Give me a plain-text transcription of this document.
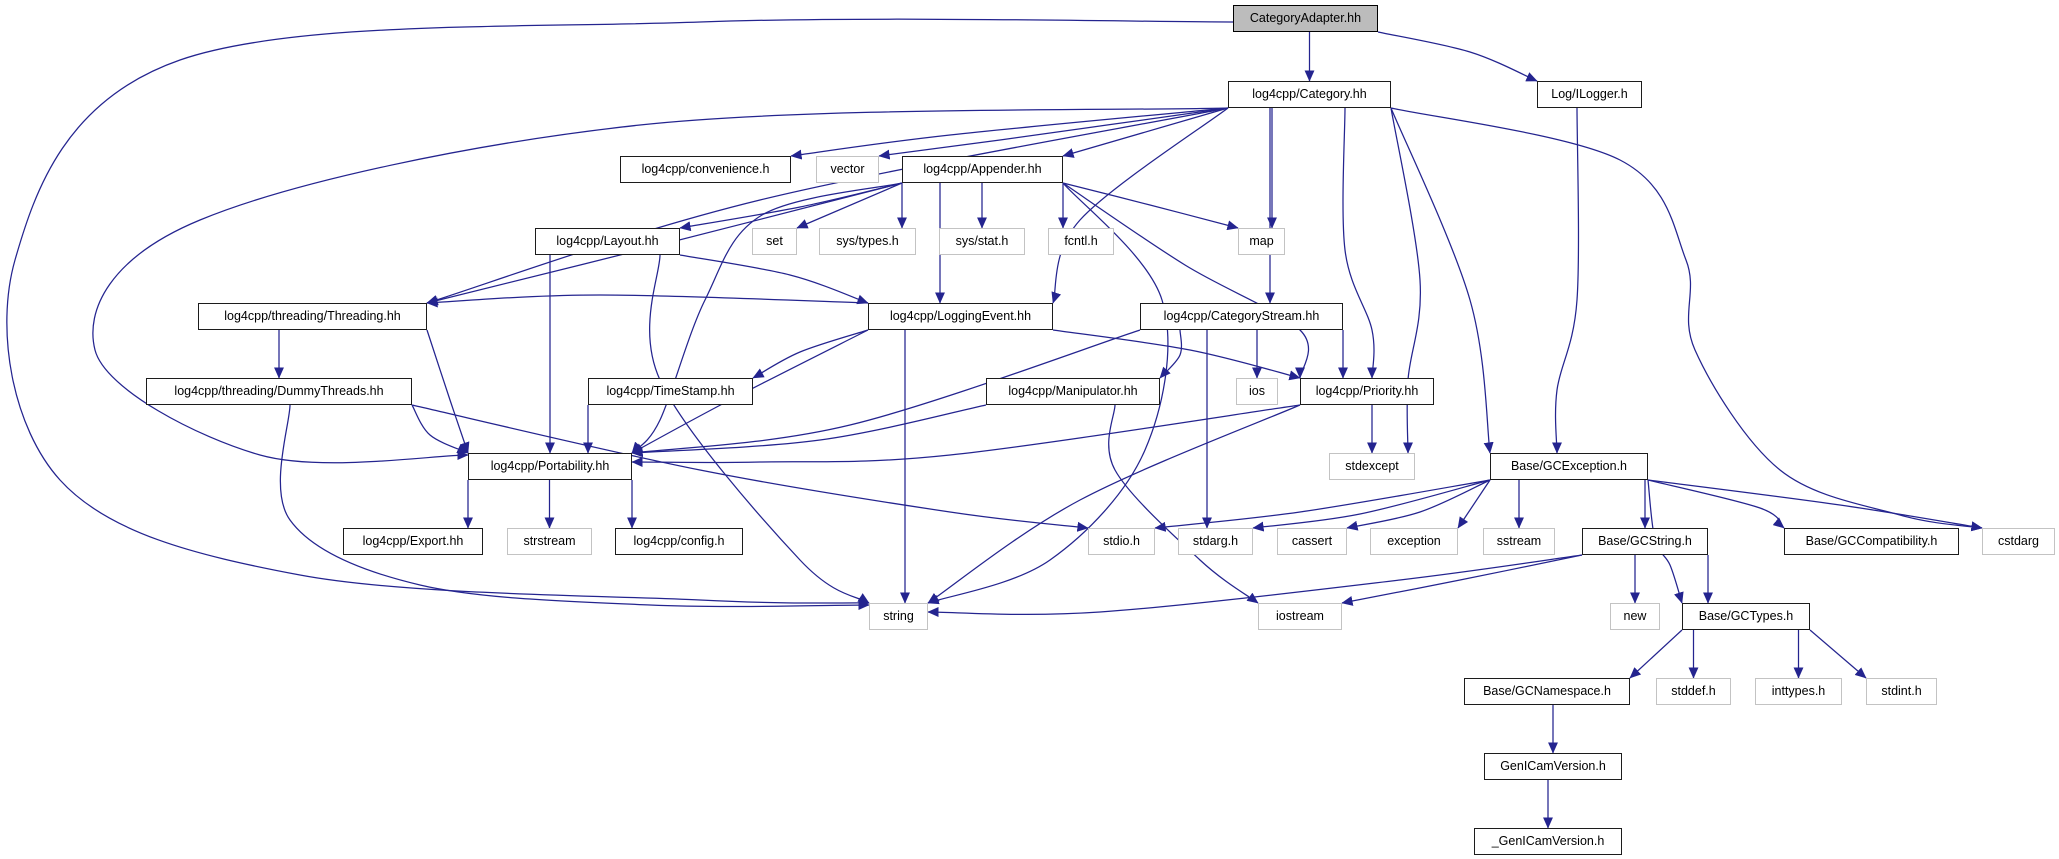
CategoryAdapter.hh
log4cpp/Category.hh	Log/ILogger.h
log4cpp/convenience.h	vector	log4cpp/Appender.hh
log4cpp/Layout.hh	set	sys/types.h	sys/stat.h	fcntl.h	map
log4cpp/threading/Threading.hh	log4cpp/LoggingEvent.hh	log4cpp/CategoryStream.hh
log4cpp/threading/DummyThreads.hh	log4cpp/TimeStamp.hh	log4cpp/Manipulator.hh	ios	log4cpp/Priority.hh
log4cpp/Portability.hh	stdexcept	Base/GCException.h
log4cpp/Export.hh	strstream	log4cpp/config.h	stdio.h	stdarg.h	cassert	exception	sstream	Base/GCString.h	Base/GCCompatibility.h	cstdarg
string	iostream	new	Base/GCTypes.h
Base/GCNamespace.h	stddef.h	inttypes.h	stdint.h
GenICamVersion.h
_GenICamVersion.h
